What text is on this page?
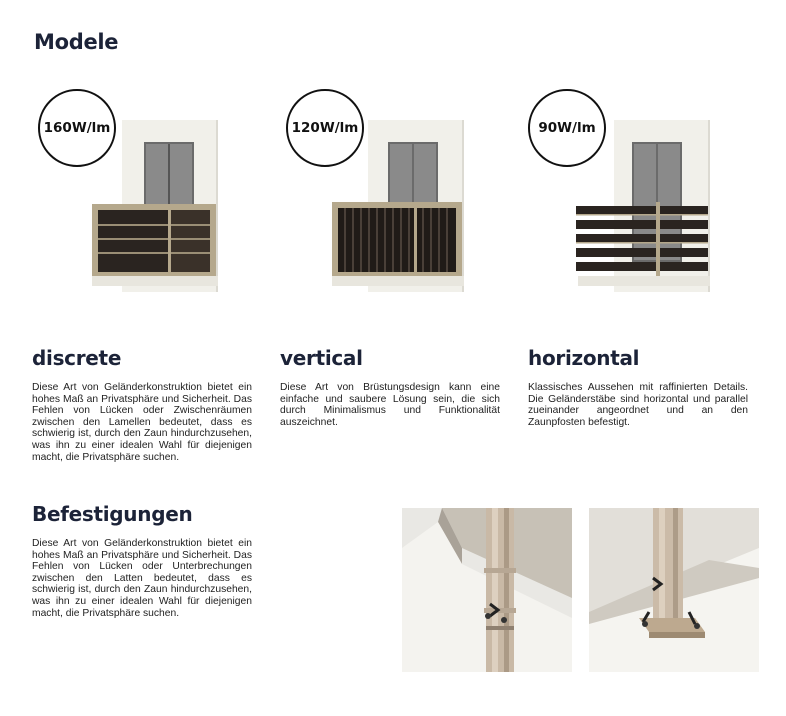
Modele
160W/lm
discrete

Diese Art von Geländerkonstruktion bietet ein hohes Maß an Privatsphäre und Sicherheit. Das Fehlen von Lücken oder Zwischenräumen zwischen den Lamellen bedeutet, dass es schwierig ist, durch den Zaun hindurchzusehen, was ihn zu einer idealen Wahl für diejenigen macht, die Privatsphäre suchen.

120W/lm
vertical

Diese Art von Brüstungsdesign kann eine einfache und saubere Lösung sein, die sich durch Minimalismus und Funktionalität auszeichnet.

90W/lm
horizontal

Klassisches Aussehen mit raffinierten Details. Die Geländerstäbe sind horizontal und parallel zueinander angeordnet und an den Zaunpfosten befestigt.

Befestigungen

Diese Art von Geländerkonstruktion bietet ein hohes Maß an Privatsphäre und Sicherheit. Das Fehlen von Lücken oder Unterbrechungen zwischen den Latten bedeutet, dass es schwierig ist, durch den Zaun hindurchzusehen, was ihn zu einer idealen Wahl für diejenigen macht, die Privatsphäre suchen.
